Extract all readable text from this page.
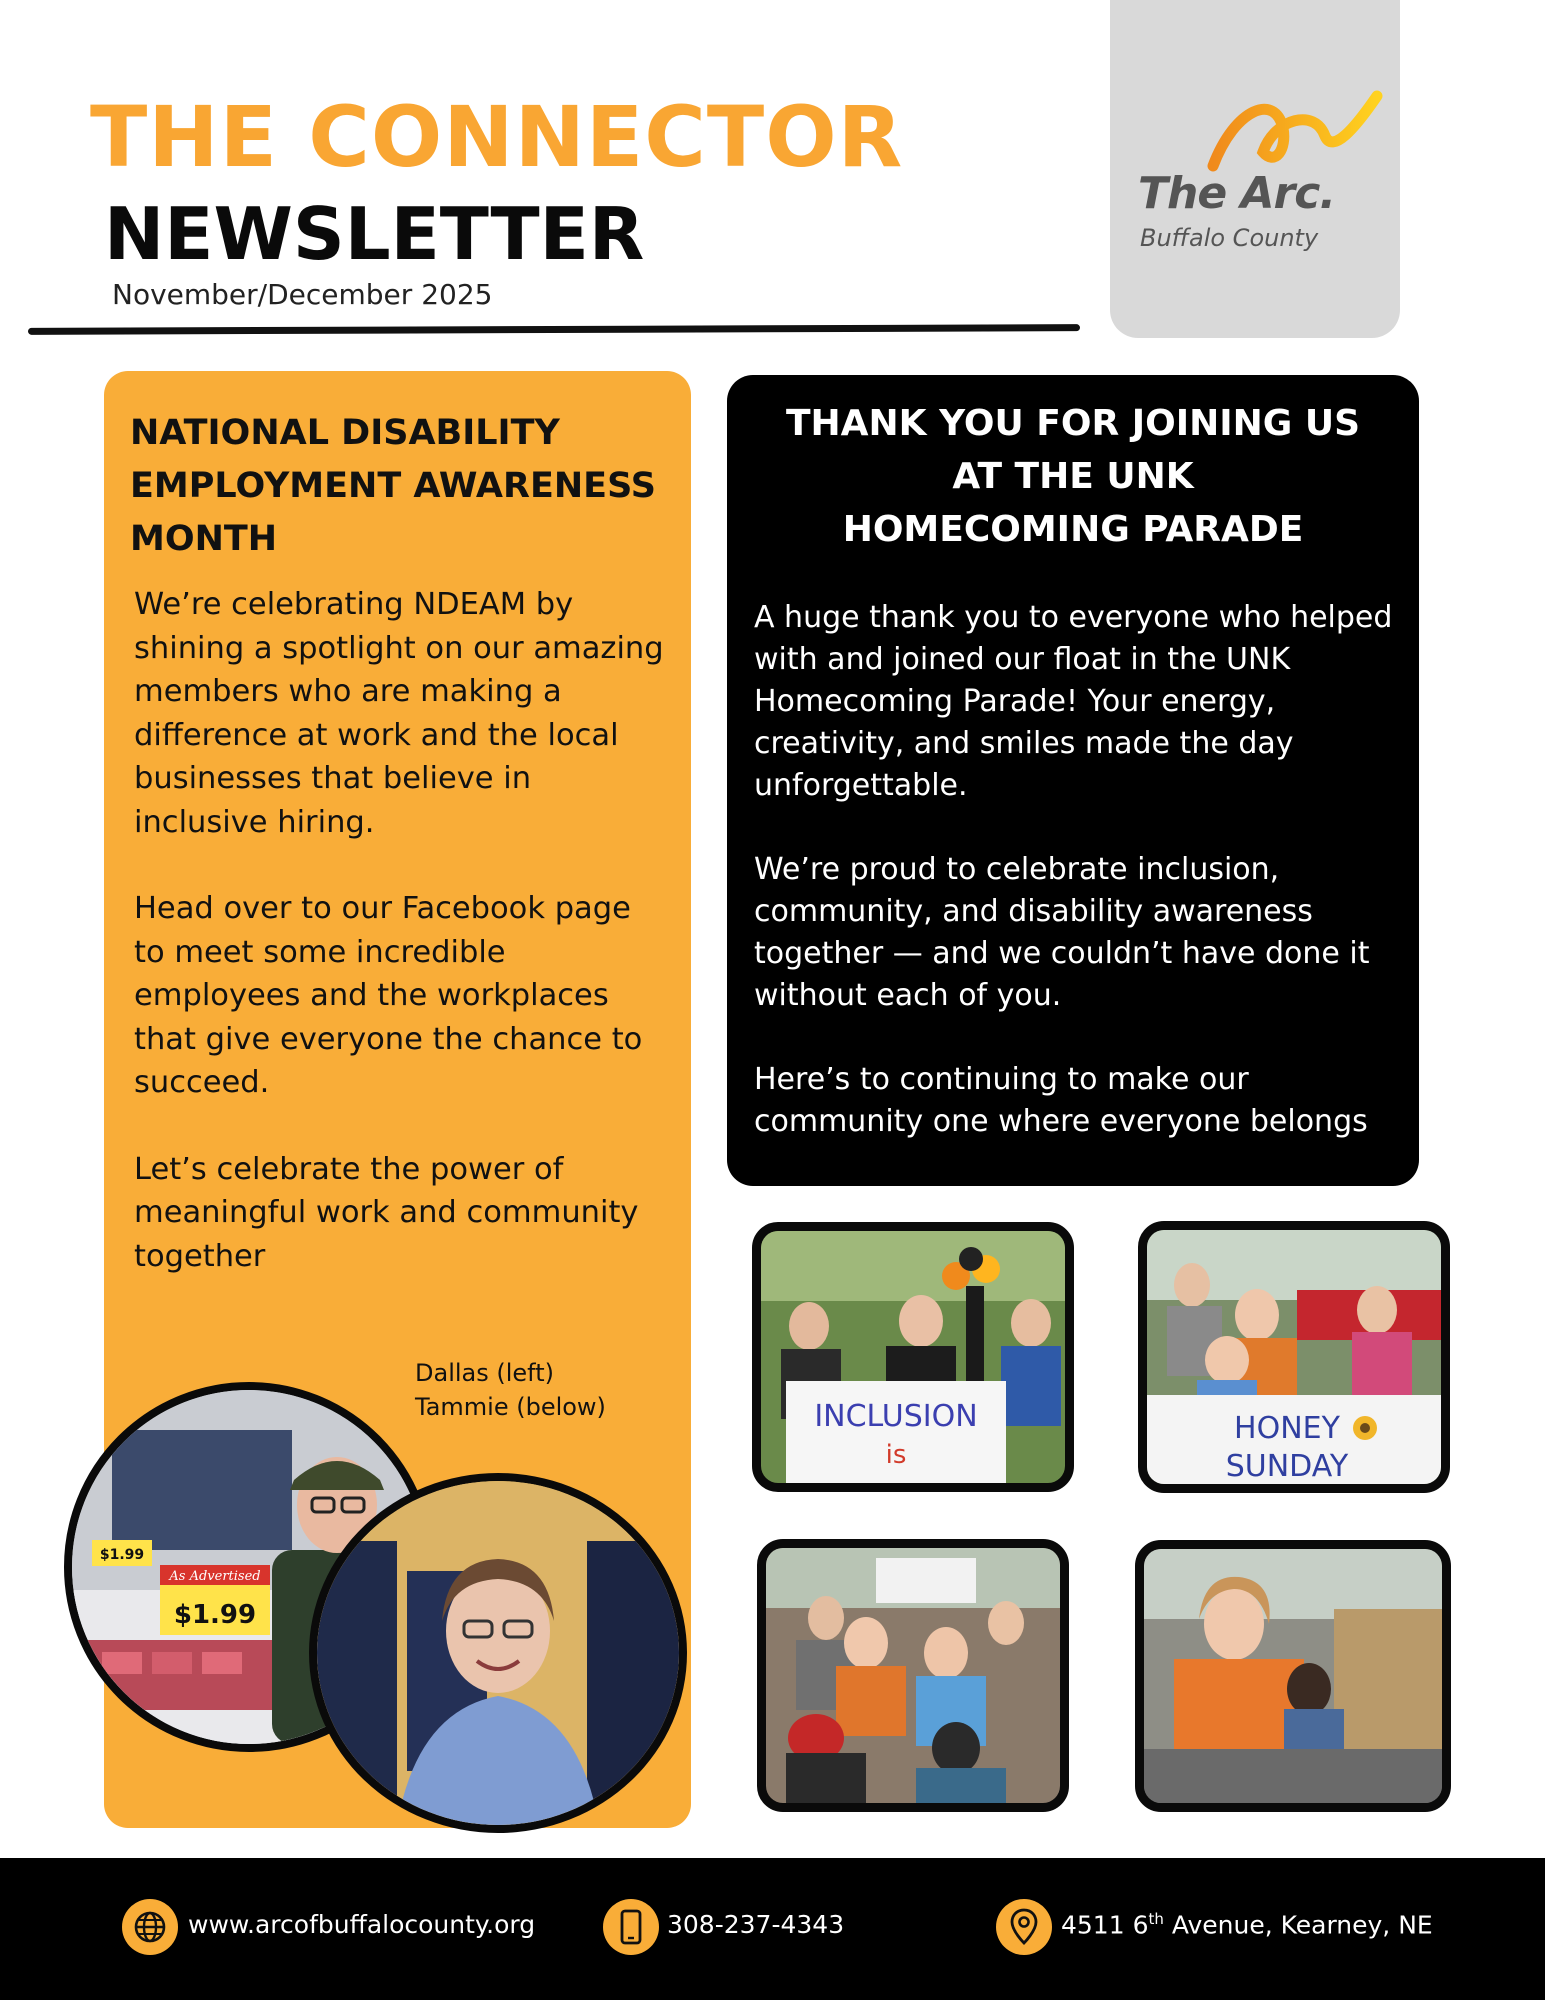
THE CONNECTOR
NEWSLETTER
November/December 2025
The Arc.
Buffalo County
NATIONAL DISABILITY EMPLOYMENT AWARENESS MONTH

We’re celebrating NDEAM by shining a spotlight on our amazing members who are making a difference at work and the local businesses that believe in inclusive hiring.

Head over to our Facebook page to meet some incredible employees and the workplaces that give everyone the chance to succeed.

Let’s celebrate the power of meaningful work and community together

Dallas (left)
Tammie (below)
$1.99
As Advertised
$1.99
THANK YOU FOR JOINING US
AT THE UNK
HOMECOMING PARADE

A huge thank you to everyone who helped with and joined our float in the UNK Homecoming Parade! Your energy, creativity, and smiles made the day unforgettable.

We’re proud to celebrate inclusion, community, and disability awareness together — and we couldn’t have done it without each of you.

Here’s to continuing to make our community one where everyone belongs

INCLUSION
is
HONEY
SUNDAY
www.arcofbuffalocounty.org	308-237-4343	4511 6th Avenue, Kearney, NE
